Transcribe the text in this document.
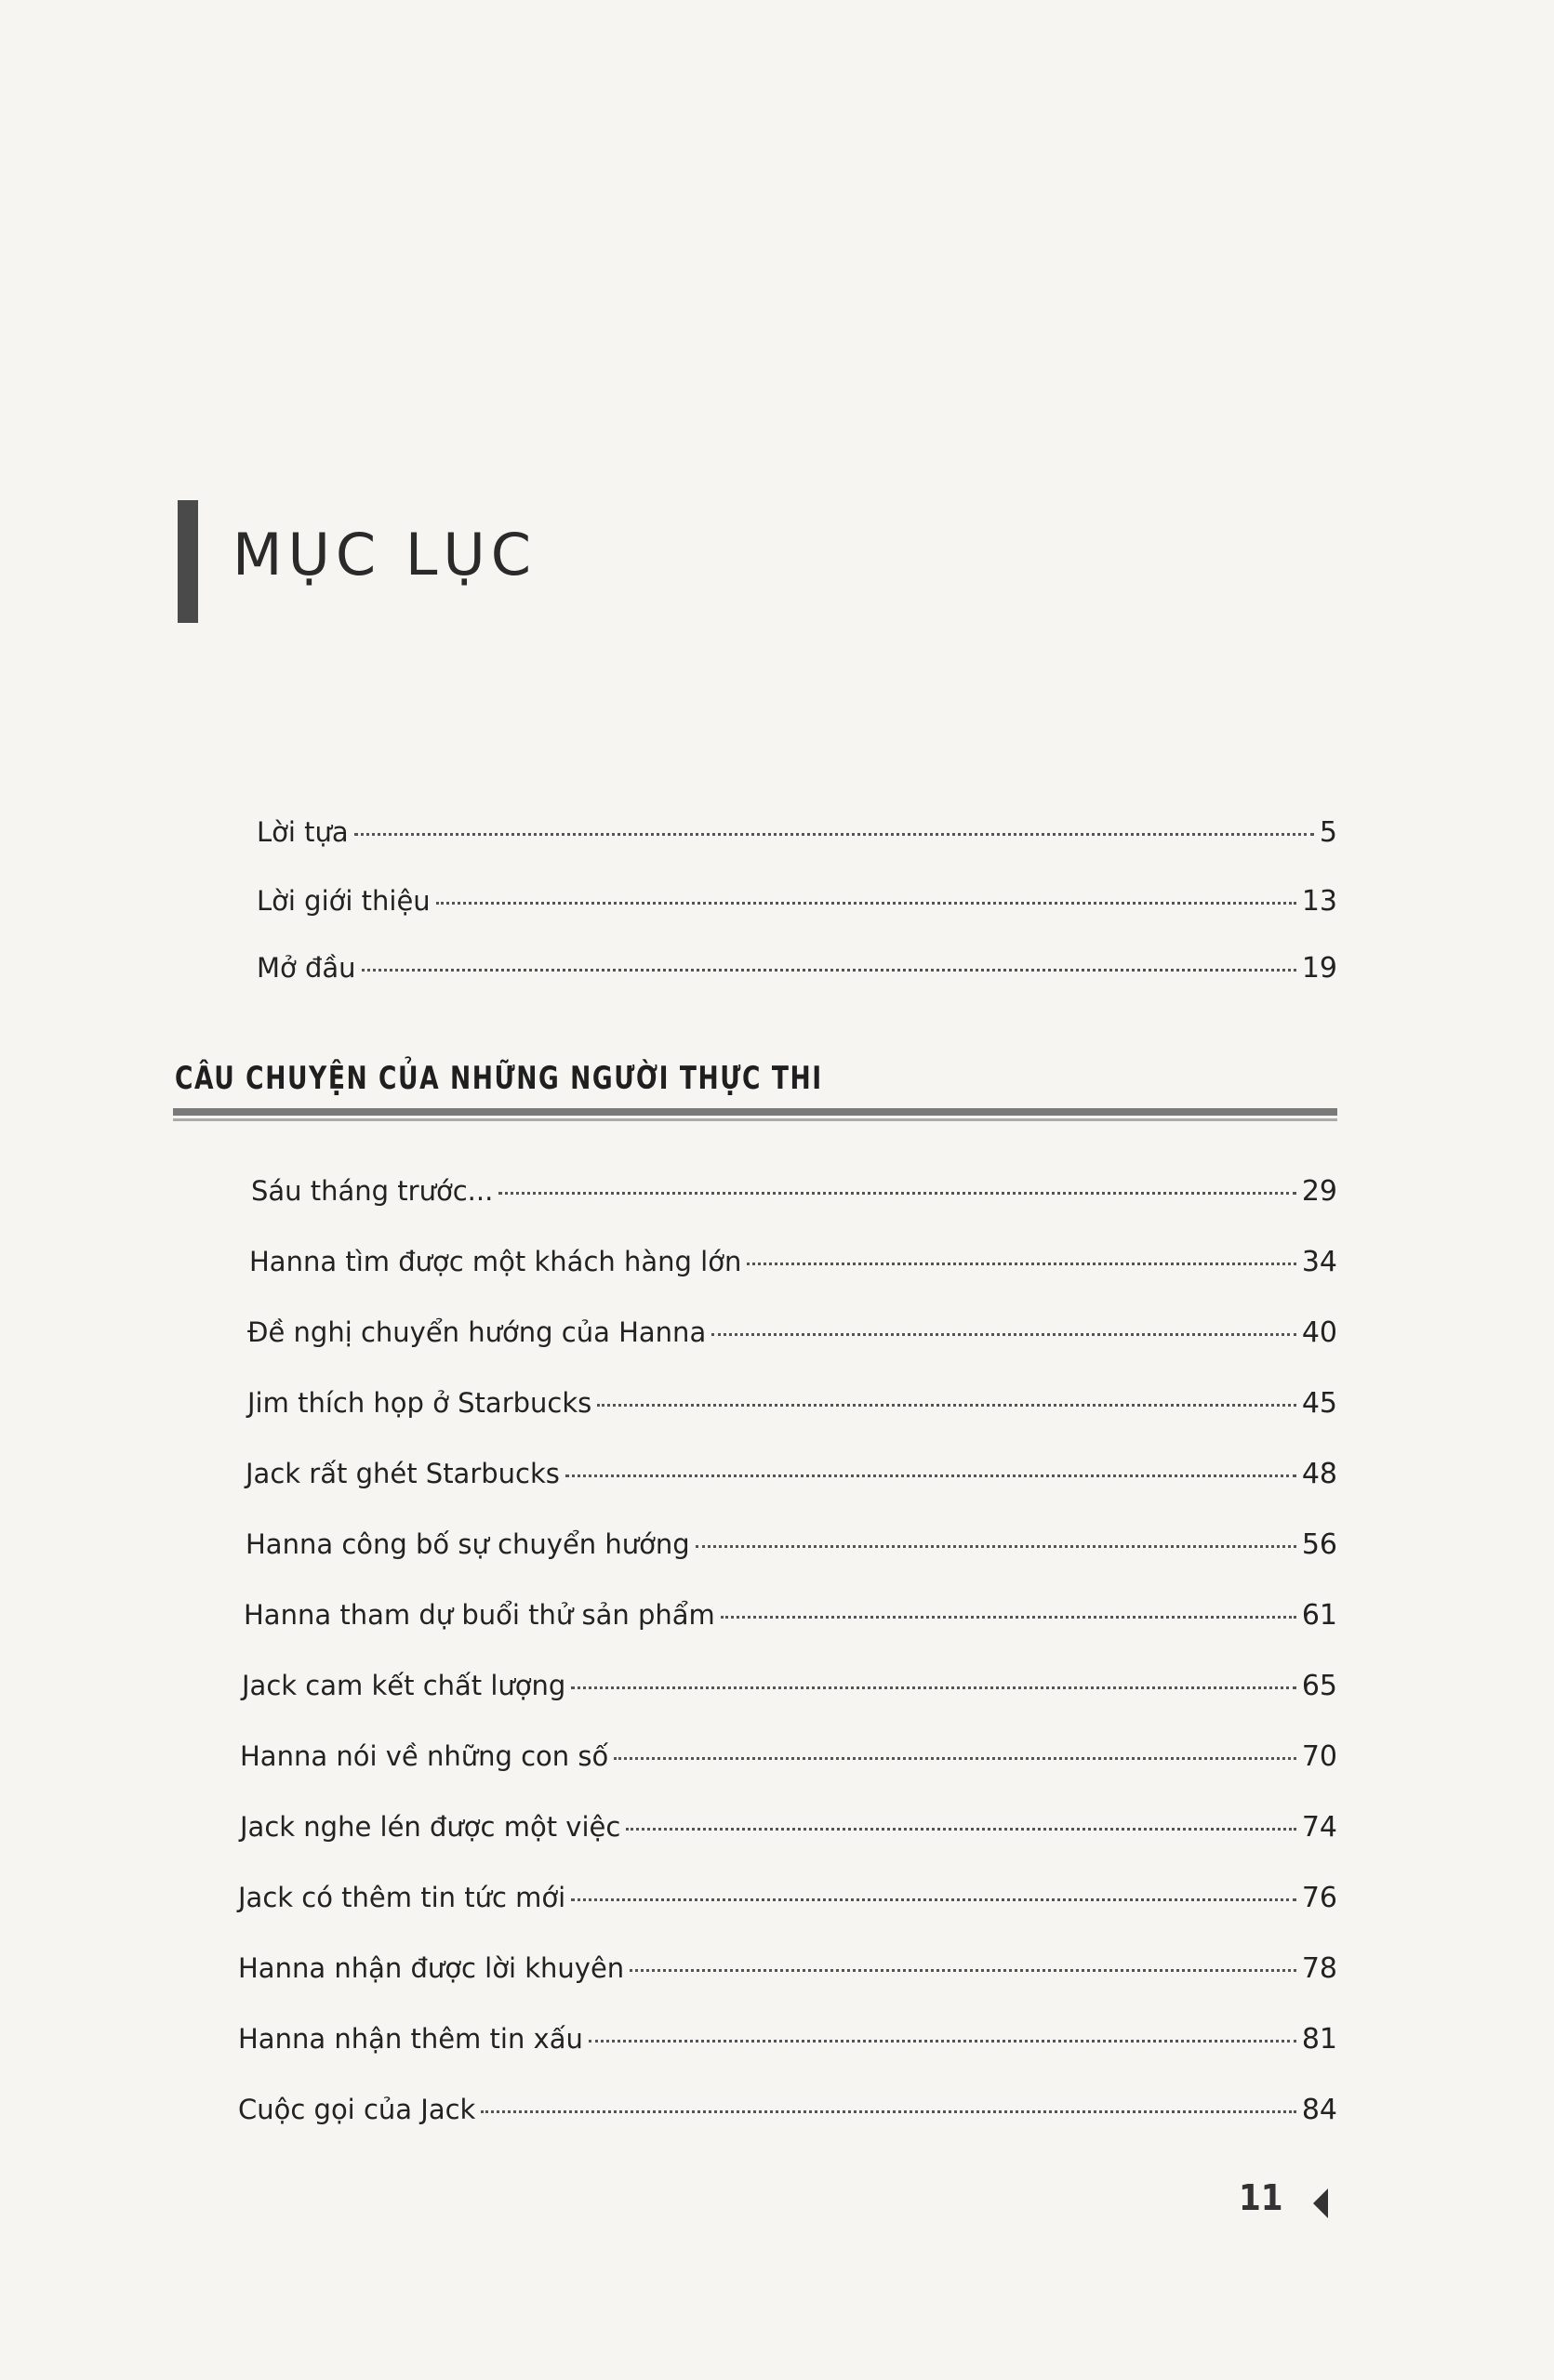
MỤC LỤC
Lời tựa	5
Lời giới thiệu	13
Mở đầu	19
CÂU CHUYỆN CỦA NHỮNG NGƯỜI THỰC THI
Sáu tháng trước...	29
Hanna tìm được một khách hàng lớn	34
Đề nghị chuyển hướng của Hanna	40
Jim thích họp ở Starbucks	45
Jack rất ghét Starbucks	48
Hanna công bố sự chuyển hướng	56
Hanna tham dự buổi thử sản phẩm	61
Jack cam kết chất lượng	65
Hanna nói về những con số	70
Jack nghe lén được một việc	74
Jack có thêm tin tức mới	76
Hanna nhận được lời khuyên	78
Hanna nhận thêm tin xấu	81
Cuộc gọi của Jack	84
11
